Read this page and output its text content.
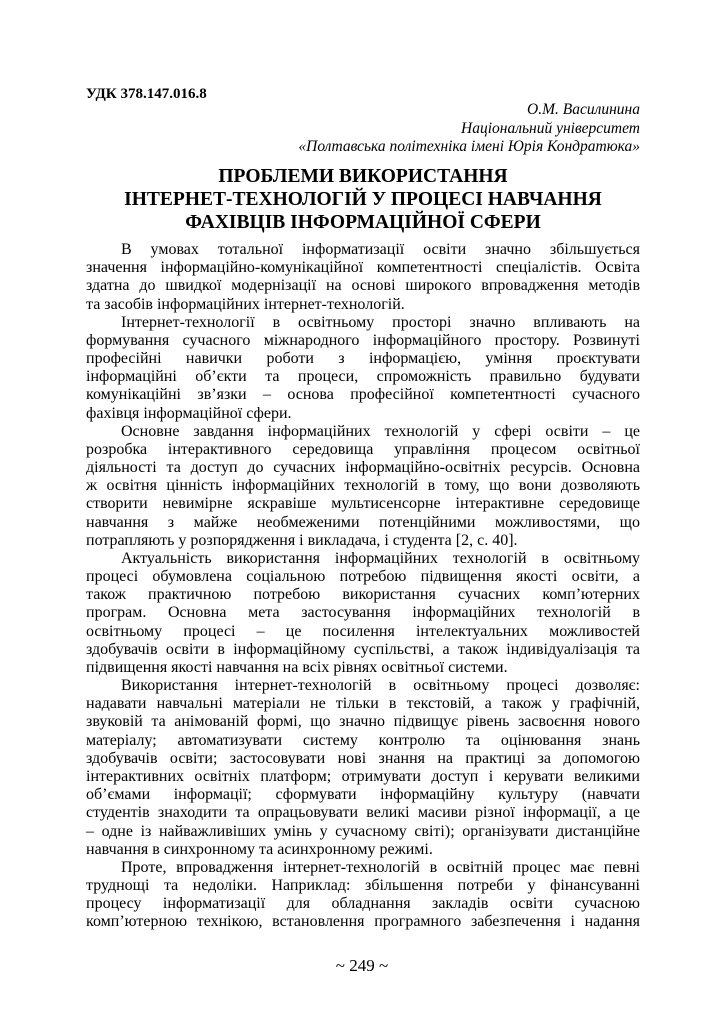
УДК 378.147.016.8
О.М. Василинина
Національний університет
«Полтавська політехніка імені Юрія Кондратюка»
ПРОБЛЕМИ ВИКОРИСТАННЯ
ІНТЕРНЕТ-ТЕХНОЛОГІЙ У ПРОЦЕСІ НАВЧАННЯ
ФАХІВЦІВ ІНФОРМАЦІЙНОЇ СФЕРИ
В умовах тотальної інформатизації освіти значно збільшується
значення інформаційно-комунікаційної компетентності спеціалістів. Освіта
здатна до швидкої модернізації на основі широкого впровадження методів
та засобів інформаційних інтернет-технологій.
Інтернет-технології в освітньому просторі значно впливають на
формування сучасного міжнародного інформаційного простору. Розвинуті
професійні навички роботи з інформацією, уміння проєктувати
інформаційні об’єкти та процеси, спроможність правильно будувати
комунікаційні зв’язки – основа професійної компетентності сучасного
фахівця інформаційної сфери.
Основне завдання інформаційних технологій у сфері освіти – це
розробка інтерактивного середовища управління процесом освітньої
діяльності та доступ до сучасних інформаційно-освітніх ресурсів. Основна
ж освітня цінність інформаційних технологій в тому, що вони дозволяють
створити невимірне яскравіше мультисенсорне інтерактивне середовище
навчання з майже необмеженими потенційними можливостями, що
потрапляють у розпорядження і викладача, і студента [2, с. 40].
Актуальність використання інформаційних технологій в освітньому
процесі обумовлена соціальною потребою підвищення якості освіти, а
також практичною потребою використання сучасних комп’ютерних
програм. Основна мета застосування інформаційних технологій в
освітньому процесі – це посилення інтелектуальних можливостей
здобувачів освіти в інформаційному суспільстві, а також індивідуалізація та
підвищення якості навчання на всіх рівнях освітньої системи.
Використання інтернет-технологій в освітньому процесі дозволяє:
надавати навчальні матеріали не тільки в текстовій, а також у графічній,
звуковій та анімованій формі, що значно підвищує рівень засвоєння нового
матеріалу; автоматизувати систему контролю та оцінювання знань
здобувачів освіти; застосовувати нові знання на практиці за допомогою
інтерактивних освітніх платформ; отримувати доступ і керувати великими
об’ємами інформації; сформувати інформаційну культуру (навчати
студентів знаходити та опрацьовувати великі масиви різної інформації, а це
– одне із найважливіших умінь у сучасному світі); організувати дистанційне
навчання в синхронному та асинхронному режимі.
Проте, впровадження інтернет-технологій в освітній процес має певні
труднощі та недоліки. Наприклад: збільшення потреби у фінансуванні
процесу інформатизації для обладнання закладів освіти сучасною
комп’ютерною технікою, встановлення програмного забезпечення і надання
~ 249 ~
